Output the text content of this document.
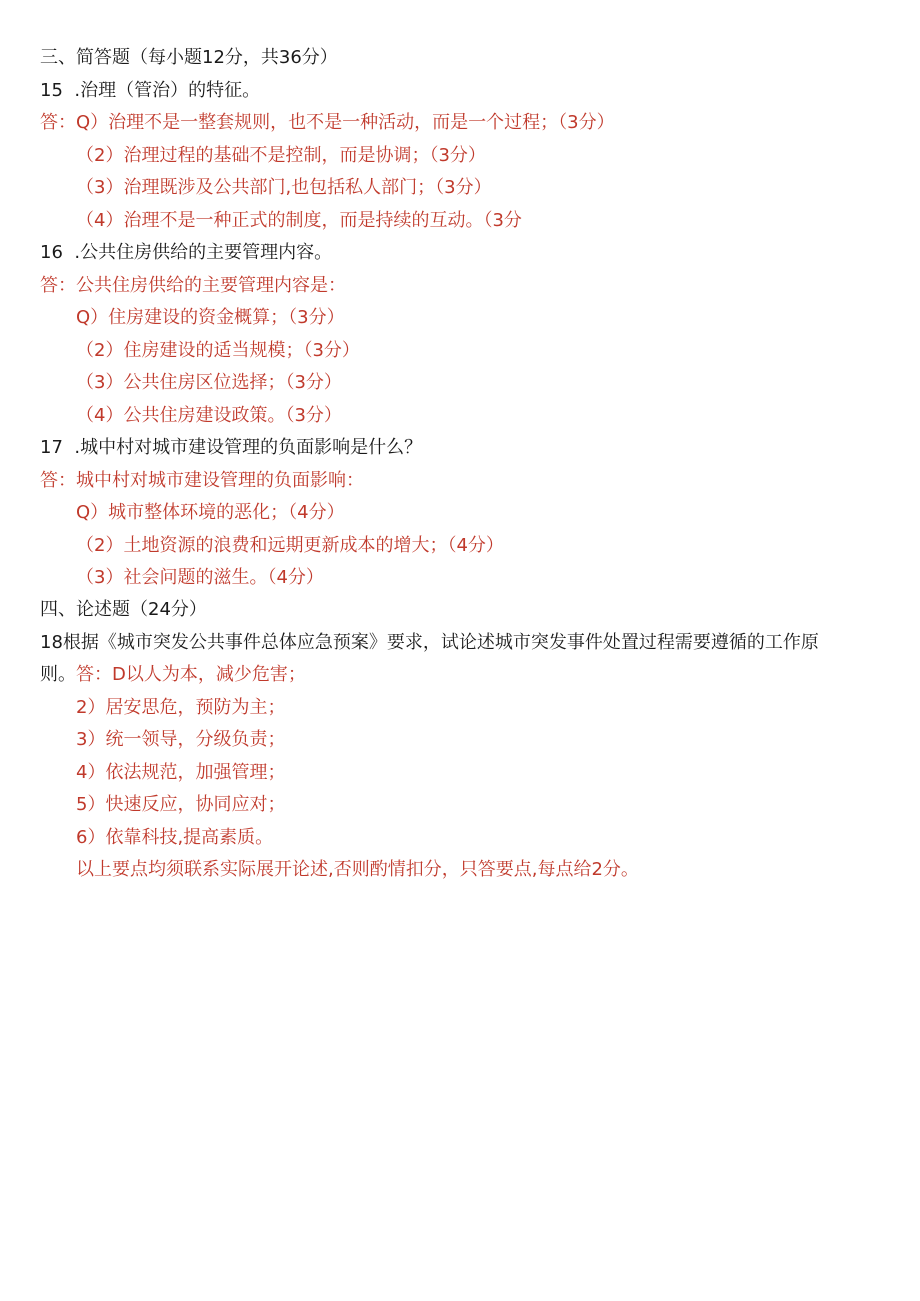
三、简答题（每小题12分，共36分）
15  .治理（管治）的特征。
答：Q）治理不是一整套规则，也不是一种活动，而是一个过程；（3分）
（2）治理过程的基础不是控制，而是协调；（3分）
（3）治理既涉及公共部门,也包括私人部门；（3分）
（4）治理不是一种正式的制度，而是持续的互动。（3分
16  .公共住房供给的主要管理内容。
答：公共住房供给的主要管理内容是：
Q）住房建设的资金概算；（3分）
（2）住房建设的适当规模；（3分）
（3）公共住房区位选择；（3分）
（4）公共住房建设政策。（3分）
17  .城中村对城市建设管理的负面影响是什么？
答：城中村对城市建设管理的负面影响：
Q）城市整体环境的恶化；（4分）
（2）土地资源的浪费和远期更新成本的增大；（4分）
（3）社会问题的滋生。（4分）
四、论述题（24分）
18根据《城市突发公共事件总体应急预案》要求，试论述城市突发事件处置过程需要遵循的工作原
则。答：D以人为本，减少危害；
2）居安思危，预防为主；
3）统一领导，分级负责；
4）依法规范，加强管理；
5）快速反应，协同应对；
6）依靠科技,提高素质。
以上要点均须联系实际展开论述,否则酌情扣分，只答要点,每点给2分。
